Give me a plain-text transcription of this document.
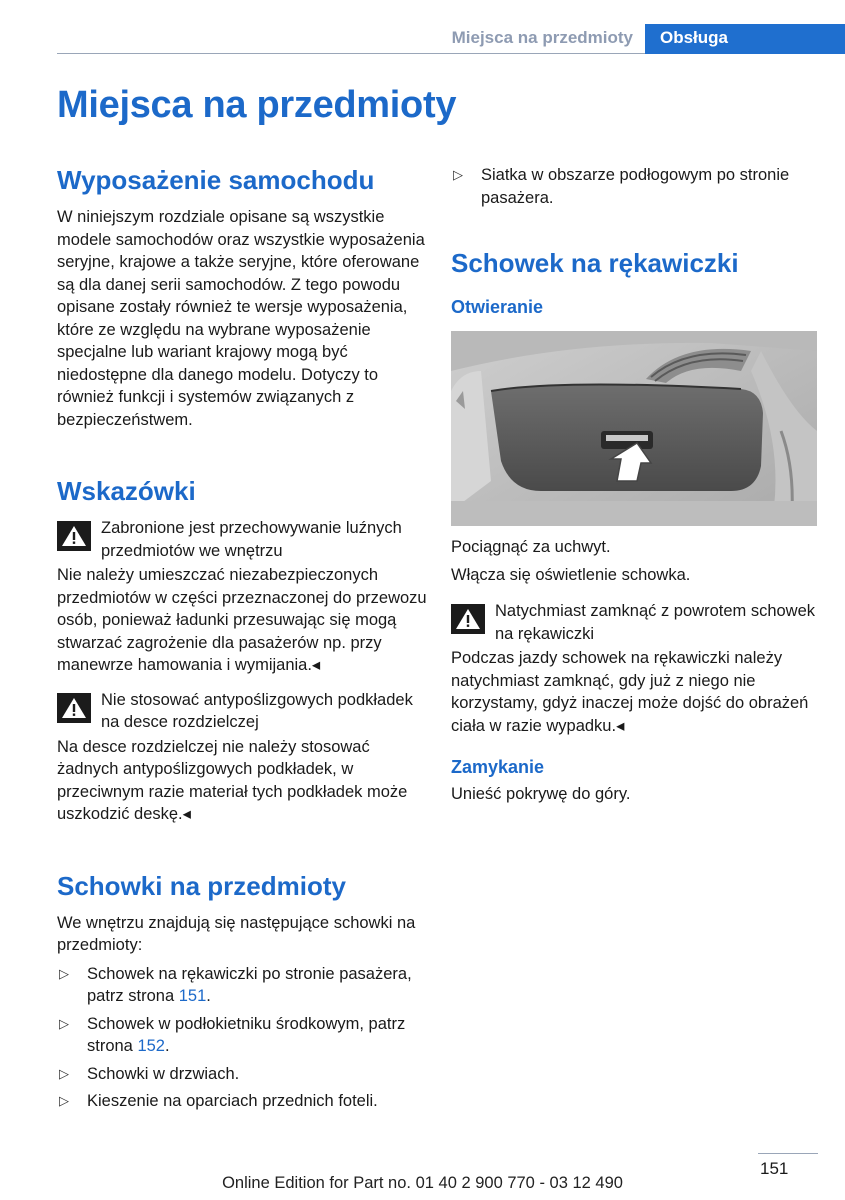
Miejsca na przedmioty	Obsługa
Miejsca na przedmioty
Wyposażenie samochodu

W niniejszym rozdziale opisane są wszystkie modele samochodów oraz wszystkie wyposażenia seryjne, krajowe a także seryjne, które oferowane są dla danej serii samochodów. Z tego powodu opisane zostały również te wersje wyposażenia, które ze względu na wybrane wyposażenie specjalne lub wariant krajowy mogą być niedostępne dla danego modelu. Dotyczy to również funkcji i systemów związanych z bezpieczeństwem.

Wskazówki
Zabronione jest przechowywanie luźnych przedmiotów we wnętrzu

Nie należy umieszczać niezabezpieczonych przedmiotów w części przeznaczonej do przewozu osób, ponieważ ładunki przesuwając się mogą stwarzać zagrożenie dla pasażerów np. przy manewrze hamowania i wymijania.◂

Nie stosować antypoślizgowych podkładek na desce rozdzielczej

Na desce rozdzielczej nie należy stosować żadnych antypoślizgowych podkładek, w przeciwnym razie materiał tych podkładek może uszkodzić deskę.◂

Schowki na przedmioty

We wnętrzu znajdują się następujące schowki na przedmioty:

▷ Schowek na rękawiczki po stronie pasażera, patrz strona 151.
▷ Schowek w podłokietniku środkowym, patrz strona 152.
▷ Schowki w drzwiach.
▷ Kieszenie na oparciach przednich foteli.
▷ Siatka w obszarze podłogowym po stronie pasażera.
Schowek na rękawiczki
Otwieranie

Pociągnąć za uchwyt.

Włącza się oświetlenie schowka.

Natychmiast zamknąć z powrotem schowek na rękawiczki

Podczas jazdy schowek na rękawiczki należy natychmiast zamknąć, gdy już z niego nie korzystamy, gdyż inaczej może dojść do obrażeń ciała w razie wypadku.◂

Zamykanie

Unieść pokrywę do góry.

151
Online Edition for Part no. 01 40 2 900 770 - 03 12 490
